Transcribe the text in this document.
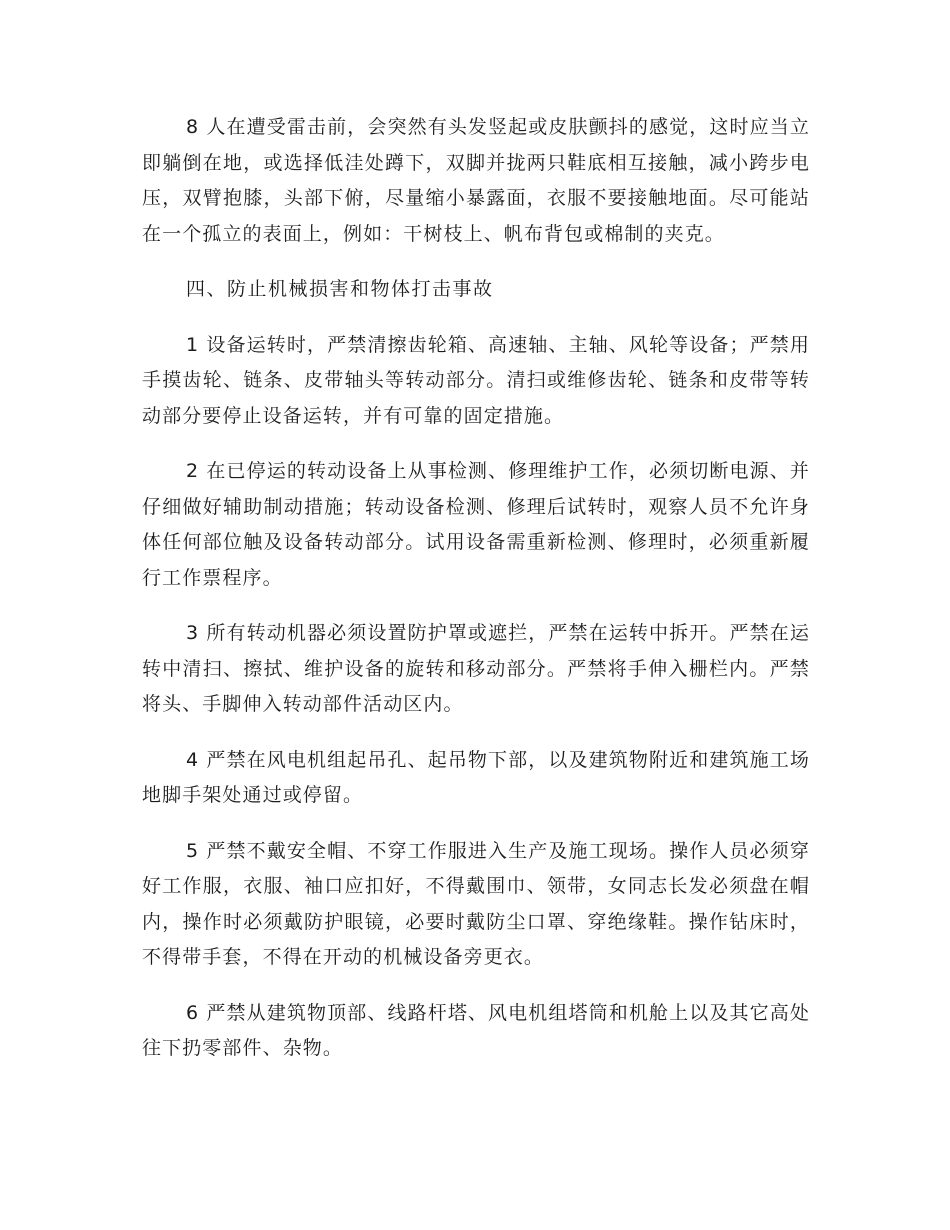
8 人在遭受雷击前，会突然有头发竖起或皮肤颤抖的感觉，这时应当立即躺倒在地，或选择低洼处蹲下，双脚并拢两只鞋底相互接触，减小跨步电压，双臂抱膝，头部下俯，尽量缩小暴露面，衣服不要接触地面。尽可能站在一个孤立的表面上，例如：干树枝上、帆布背包或棉制的夹克。

四、防止机械损害和物体打击事故

1 设备运转时，严禁清擦齿轮箱、高速轴、主轴、风轮等设备；严禁用手摸齿轮、链条、皮带轴头等转动部分。清扫或维修齿轮、链条和皮带等转动部分要停止设备运转，并有可靠的固定措施。

2 在已停运的转动设备上从事检测、修理维护工作，必须切断电源、并仔细做好辅助制动措施；转动设备检测、修理后试转时，观察人员不允许身体任何部位触及设备转动部分。试用设备需重新检测、修理时，必须重新履行工作票程序。

3 所有转动机器必须设置防护罩或遮拦，严禁在运转中拆开。严禁在运转中清扫、擦拭、维护设备的旋转和移动部分。严禁将手伸入栅栏内。严禁将头、手脚伸入转动部件活动区内。

4 严禁在风电机组起吊孔、起吊物下部，以及建筑物附近和建筑施工场地脚手架处通过或停留。

5 严禁不戴安全帽、不穿工作服进入生产及施工现场。操作人员必须穿好工作服，衣服、袖口应扣好，不得戴围巾、领带，女同志长发必须盘在帽内，操作时必须戴防护眼镜，必要时戴防尘口罩、穿绝缘鞋。操作钻床时，不得带手套，不得在开动的机械设备旁更衣。

6 严禁从建筑物顶部、线路杆塔、风电机组塔筒和机舱上以及其它高处往下扔零部件、杂物。
